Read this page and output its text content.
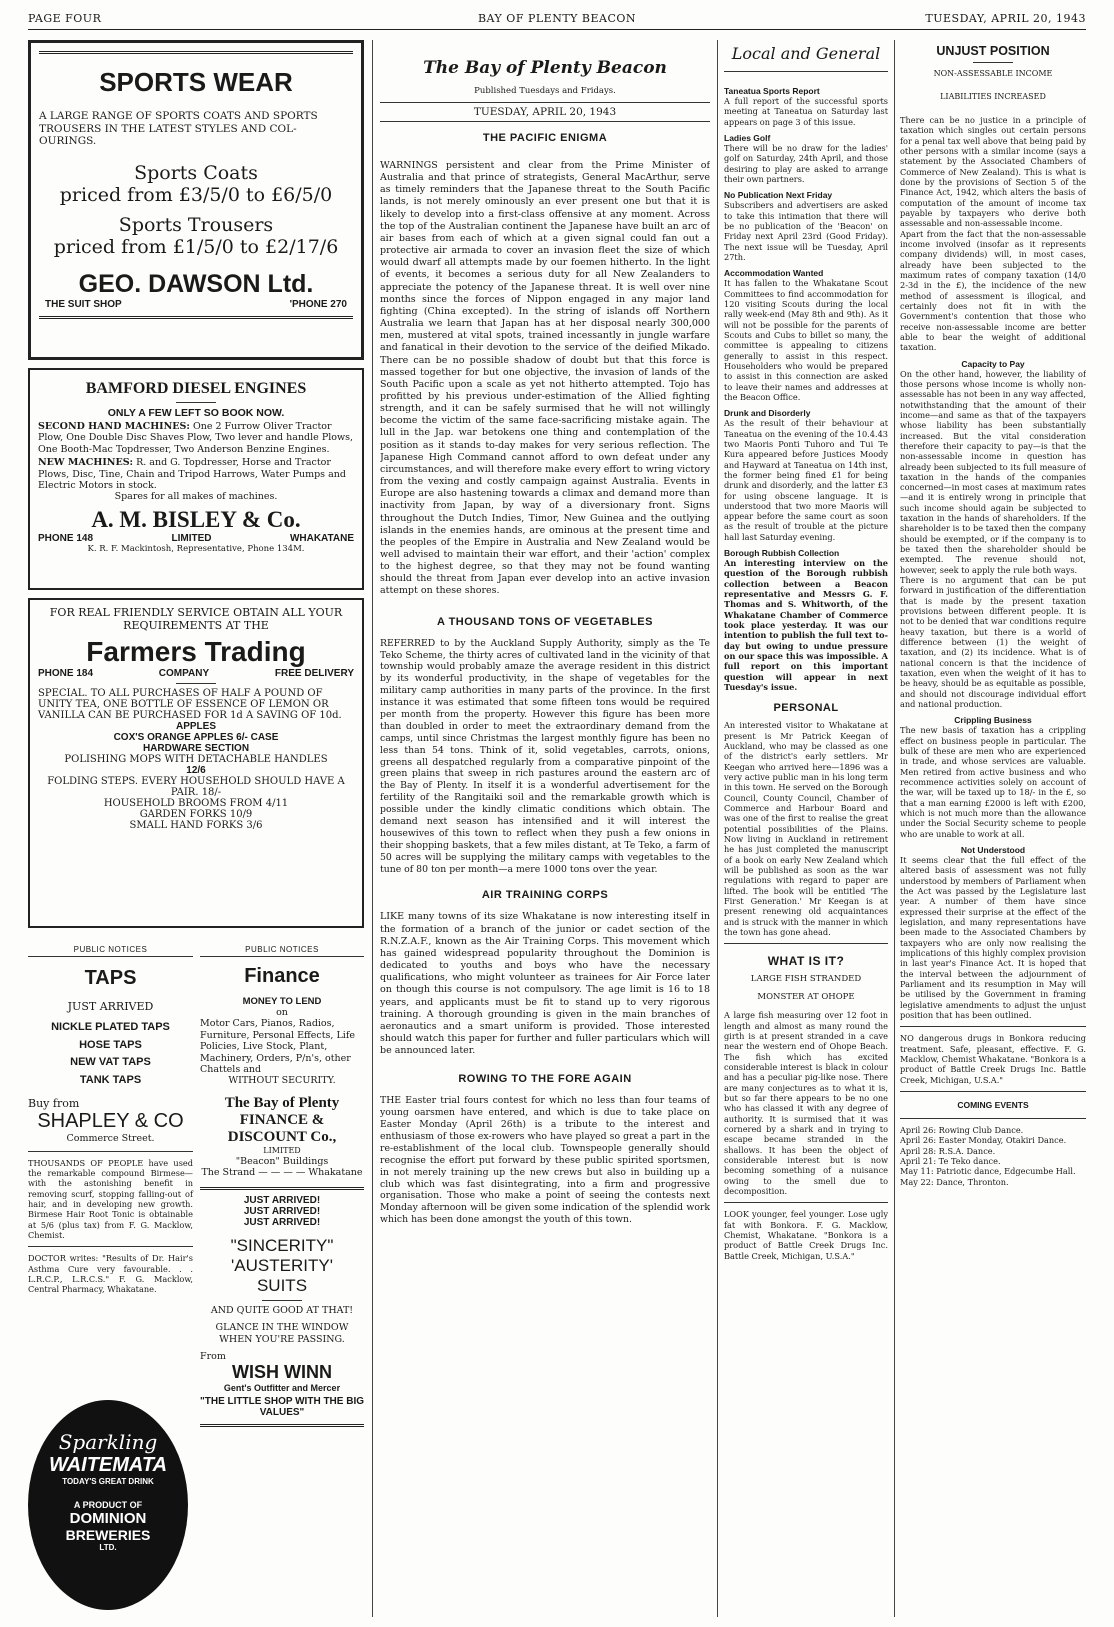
PAGE FOUR	BAY OF PLENTY BEACON	TUESDAY, APRIL 20, 1943
SPORTS WEAR
A LARGE RANGE OF SPORTS COATS AND SPORTS TROUSERS IN THE LATEST STYLES AND COL-OURINGS.
Sports Coats
priced from £3/5/0 to £6/5/0
Sports Trousers
priced from £1/5/0 to £2/17/6
GEO. DAWSON Ltd.
THE SUIT SHOP	'PHONE 270
BAMFORD DIESEL ENGINES
ONLY A FEW LEFT SO BOOK NOW.
SECOND HAND MACHINES: One 2 Furrow Oliver Tractor Plow, One Double Disc Shaves Plow, Two lever and handle Plows, One Booth-Mac Topdresser, Two Anderson Benzine Engines.
NEW MACHINES: R. and G. Topdresser, Horse and Tractor Plows, Disc, Tine, Chain and Tripod Harrows, Water Pumps and Electric Motors in stock.
Spares for all makes of machines.
A. M. BISLEY & Co.
PHONE 148	LIMITED	WHAKATANE
K. R. F. Mackintosh, Representative, Phone 134M.
FOR REAL FRIENDLY SERVICE OBTAIN ALL YOUR REQUIREMENTS AT THE
Farmers Trading
PHONE 184	COMPANY	FREE DELIVERY
SPECIAL. TO ALL PURCHASES OF HALF A POUND OF UNITY TEA, ONE BOTTLE OF ESSENCE OF LEMON OR VANILLA CAN BE PURCHASED FOR 1d A SAVING OF 10d.
APPLES
COX'S ORANGE APPLES 6/- CASE
HARDWARE SECTION
POLISHING MOPS WITH DETACHABLE HANDLES
12/6
FOLDING STEPS. EVERY HOUSEHOLD SHOULD HAVE A PAIR. 18/-
HOUSEHOLD BROOMS FROM 4/11
GARDEN FORKS 10/9
SMALL HAND FORKS 3/6
PUBLIC NOTICES
TAPS
JUST ARRIVED
NICKLE PLATED TAPS
HOSE TAPS
NEW VAT TAPS
TANK TAPS
Buy from
SHAPLEY & CO
Commerce Street.
THOUSANDS OF PEOPLE have used the remarkable compound Birmese—with the astonishing benefit in removing scurf, stopping falling-out of hair, and in developing new growth. Birmese Hair Root Tonic is obtainable at 5/6 (plus tax) from F. G. Macklow, Chemist.
DOCTOR writes: "Results of Dr. Hair's Asthma Cure very favourable. . . L.R.C.P., L.R.C.S." F. G. Macklow, Central Pharmacy, Whakatane.
PUBLIC NOTICES
Finance
MONEY TO LEND
on
Motor Cars, Pianos, Radios, Furniture, Personal Effects, Life Policies, Live Stock, Plant, Machinery, Orders, P/n's, other Chattels and
WITHOUT SECURITY.
The Bay of Plenty FINANCE & DISCOUNT Co.,
LIMITED
"Beacon" Buildings
The Strand — — — — Whakatane
JUST ARRIVED!
JUST ARRIVED!
JUST ARRIVED!
"SINCERITY"
'AUSTERITY'
SUITS
AND QUITE GOOD AT THAT!
GLANCE IN THE WINDOW WHEN YOU'RE PASSING.
From
WISH WINN
Gent's Outfitter and Mercer
"THE LITTLE SHOP WITH THE BIG VALUES"
Sparkling
WAITEMATA
TODAY'S GREAT DRINK
A PRODUCT OF
DOMINION
BREWERIES
LTD.
The Bay of Plenty Beacon
Published Tuesdays and Fridays.
TUESDAY, APRIL 20, 1943
THE PACIFIC ENIGMA
WARNINGS persistent and clear from the Prime Minister of Australia and that prince of strategists, General MacArthur, serve as timely reminders that the Japanese threat to the South Pacific lands, is not merely ominously an ever present one but that it is likely to develop into a first-class offensive at any moment. Across the top of the Australian continent the Japanese have built an arc of air bases from each of which at a given signal could fan out a protective air armada to cover an invasion fleet the size of which would dwarf all attempts made by our foemen hitherto. In the light of events, it becomes a serious duty for all New Zealanders to appreciate the potency of the Japanese threat. It is well over nine months since the forces of Nippon engaged in any major land fighting (China excepted). In the string of islands off Northern Australia we learn that Japan has at her disposal nearly 300,000 men, mustered at vital spots, trained incessantly in jungle warfare and fanatical in their devotion to the service of the deified Mikado. There can be no possible shadow of doubt but that this force is massed together for but one objective, the invasion of lands of the South Pacific upon a scale as yet not hitherto attempted. Tojo has profitted by his previous under-estimation of the Allied fighting strength, and it can be safely surmised that he will not willingly become the victim of the same face-sacrificing mistake again. The lull in the Jap. war betokens one thing and contemplation of the position as it stands to-day makes for very serious reflection. The Japanese High Command cannot afford to own defeat under any circumstances, and will therefore make every effort to wring victory from the vexing and costly campaign against Australia. Events in Europe are also hastening towards a climax and demand more than inactivity from Japan, by way of a diversionary front. Signs throughout the Dutch Indies, Timor, New Guinea and the outlying islands in the enemies hands, are ominous at the present time and the peoples of the Empire in Australia and New Zealand would be well advised to maintain their war effort, and their 'action' complex to the highest degree, so that they may not be found wanting should the threat from Japan ever develop into an active invasion attempt on these shores.
A THOUSAND TONS OF VEGETABLES
REFERRED to by the Auckland Supply Authority, simply as the Te Teko Scheme, the thirty acres of cultivated land in the vicinity of that township would probably amaze the average resident in this district by its wonderful productivity, in the shape of vegetables for the military camp authorities in many parts of the province. In the first instance it was estimated that some fifteen tons would be required per month from the property. However this figure has been more than doubled in order to meet the extraordinary demand from the camps, until since Christmas the largest monthly figure has been no less than 54 tons. Think of it, solid vegetables, carrots, onions, greens all despatched regularly from a comparative pinpoint of the green plains that sweep in rich pastures around the eastern arc of the Bay of Plenty. In itself it is a wonderful advertisement for the fertility of the Rangitaiki soil and the remarkable growth which is possible under the kindly climatic conditions which obtain. The demand next season has intensified and it will interest the housewives of this town to reflect when they push a few onions in their shopping baskets, that a few miles distant, at Te Teko, a farm of 50 acres will be supplying the military camps with vegetables to the tune of 80 ton per month—a mere 1000 tons over the year.
AIR TRAINING CORPS
LIKE many towns of its size Whakatane is now interesting itself in the formation of a branch of the junior or cadet section of the R.N.Z.A.F., known as the Air Training Corps. This movement which has gained widespread popularity throughout the Dominion is dedicated to youths and boys who have the necessary qualifications, who might volunteer as trainees for Air Force later on though this course is not compulsory. The age limit is 16 to 18 years, and applicants must be fit to stand up to very rigorous training. A thorough grounding is given in the main branches of aeronautics and a smart uniform is provided. Those interested should watch this paper for further and fuller particulars which will be announced later.
ROWING TO THE FORE AGAIN
THE Easter trial fours contest for which no less than four teams of young oarsmen have entered, and which is due to take place on Easter Monday (April 26th) is a tribute to the interest and enthusiasm of those ex-rowers who have played so great a part in the re-establishment of the local club. Townspeople generally should recognise the effort put forward by these public spirited sportsmen, in not merely training up the new crews but also in building up a club which was fast disintegrating, into a firm and progressive organisation. Those who make a point of seeing the contests next Monday afternoon will be given some indication of the splendid work which has been done amongst the youth of this town.
Local and General
Taneatua Sports Report
A full report of the successful sports meeting at Taneatua on Saturday last appears on page 3 of this issue.
Ladies Golf
There will be no draw for the ladies' golf on Saturday, 24th April, and those desiring to play are asked to arrange their own partners.
No Publication Next Friday
Subscribers and advertisers are asked to take this intimation that there will be no publication of the 'Beacon' on Friday next April 23rd (Good Friday). The next issue will be Tuesday, April 27th.
Accommodation Wanted
It has fallen to the Whakatane Scout Committees to find accommodation for 120 visiting Scouts during the local rally week-end (May 8th and 9th). As it will not be possible for the parents of Scouts and Cubs to billet so many, the committee is appealing to citizens generally to assist in this respect. Householders who would be prepared to assist in this connection are asked to leave their names and addresses at the Beacon Office.
Drunk and Disorderly
As the result of their behaviour at Taneatua on the evening of the 10.4.43 two Maoris Ponti Tuhoro and Tui Te Kura appeared before Justices Moody and Hayward at Taneatua on 14th inst, the former being fined £1 for being drunk and disorderly, and the latter £3 for using obscene language. It is understood that two more Maoris will appear before the same court as soon as the result of trouble at the picture hall last Saturday evening.
Borough Rubbish Collection
An interesting interview on the question of the Borough rubbish collection between a Beacon representative and Messrs G. F. Thomas and S. Whitworth, of the Whakatane Chamber of Commerce took place yesterday. It was our intention to publish the full text to-day but owing to undue pressure on our space this was impossible. A full report on this important question will appear in next Tuesday's issue.
PERSONAL
An interested visitor to Whakatane at present is Mr Patrick Keegan of Auckland, who may be classed as one of the district's early settlers. Mr Keegan who arrived here—1896 was a very active public man in his long term in this town. He served on the Borough Council, County Council, Chamber of Commerce and Harbour Board and was one of the first to realise the great potential possibilities of the Plains. Now living in Auckland in retirement he has just completed the manuscript of a book on early New Zealand which will be published as soon as the war regulations with regard to paper are lifted. The book will be entitled 'The First Generation.' Mr Keegan is at present renewing old acquaintances and is struck with the manner in which the town has gone ahead.
WHAT IS IT?
LARGE FISH STRANDED
MONSTER AT OHOPE
A large fish measuring over 12 foot in length and almost as many round the girth is at present stranded in a cave near the western end of Ohope Beach. The fish which has excited considerable interest is black in colour and has a peculiar pig-like nose. There are many conjectures as to what it is, but so far there appears to be no one who has classed it with any degree of authority. It is surmised that it was cornered by a shark and in trying to escape became stranded in the shallows. It has been the object of considerable interest but is now becoming something of a nuisance owing to the smell due to decomposition.
LOOK younger, feel younger. Lose ugly fat with Bonkora. F. G. Macklow, Chemist, Whakatane. "Bonkora is a product of Battle Creek Drugs Inc. Battle Creek, Michigan, U.S.A."
UNJUST POSITION
NON-ASSESSABLE INCOME
LIABILITIES INCREASED
There can be no justice in a principle of taxation which singles out certain persons for a penal tax well above that being paid by other persons with a similar income (says a statement by the Associated Chambers of Commerce of New Zealand). This is what is done by the provisions of Section 5 of the Finance Act, 1942, which alters the basis of computation of the amount of income tax payable by taxpayers who derive both assessable and non-assessable income.
Apart from the fact that the non-assessable income involved (insofar as it represents company dividends) will, in most cases, already have been subjected to the maximum rates of company taxation (14/0 2-3d in the £), the incidence of the new method of assessment is illogical, and certainly does not fit in with the Government's contention that those who receive non-assessable income are better able to bear the weight of additional taxation.
Capacity to Pay
On the other hand, however, the liability of those persons whose income is wholly non-assessable has not been in any way affected, notwithstanding that the amount of their income—and same as that of the taxpayers whose liability has been substantially increased. But the vital consideration therefore their capacity to pay—is that the non-assessable income in question has already been subjected to its full measure of taxation in the hands of the companies concerned—in most cases at maximum rates—and it is entirely wrong in principle that such income should again be subjected to taxation in the hands of shareholders. If the shareholder is to be taxed then the company should be exempted, or if the company is to be taxed then the shareholder should be exempted. The revenue should not, however, seek to apply the rule both ways.
There is no argument that can be put forward in justification of the differentiation that is made by the present taxation provisions between different people. It is not to be denied that war conditions require heavy taxation, but there is a world of difference between (1) the weight of taxation, and (2) its incidence. What is of national concern is that the incidence of taxation, even when the weight of it has to be heavy, should be as equitable as possible, and should not discourage individual effort and national production.
Crippling Business
The new basis of taxation has a crippling effect on business people in particular. The bulk of these are men who are experienced in trade, and whose services are valuable. Men retired from active business and who recommence activities solely on account of the war, will be taxed up to 18/- in the £, so that a man earning £2000 is left with £200, which is not much more than the allowance under the Social Security scheme to people who are unable to work at all.
Not Understood
It seems clear that the full effect of the altered basis of assessment was not fully understood by members of Parliament when the Act was passed by the Legislature last year. A number of them have since expressed their surprise at the effect of the legislation, and many representations have been made to the Associated Chambers by taxpayers who are only now realising the implications of this highly complex provision in last year's Finance Act. It is hoped that the interval between the adjournment of Parliament and its resumption in May will be utilised by the Government in framing legislative amendments to adjust the unjust position that has been outlined.
NO dangerous drugs in Bonkora reducing treatment. Safe, pleasant, effective. F. G. Macklow, Chemist Whakatane. "Bonkora is a product of Battle Creek Drugs Inc. Battle Creek, Michigan, U.S.A."
COMING EVENTS
April 26: Rowing Club Dance.
April 26: Easter Monday, Otakiri Dance.
April 28: R.S.A. Dance.
April 21: Te Teko dance.
May 11: Patriotic dance, Edgecumbe Hall.
May 22: Dance, Thronton.
